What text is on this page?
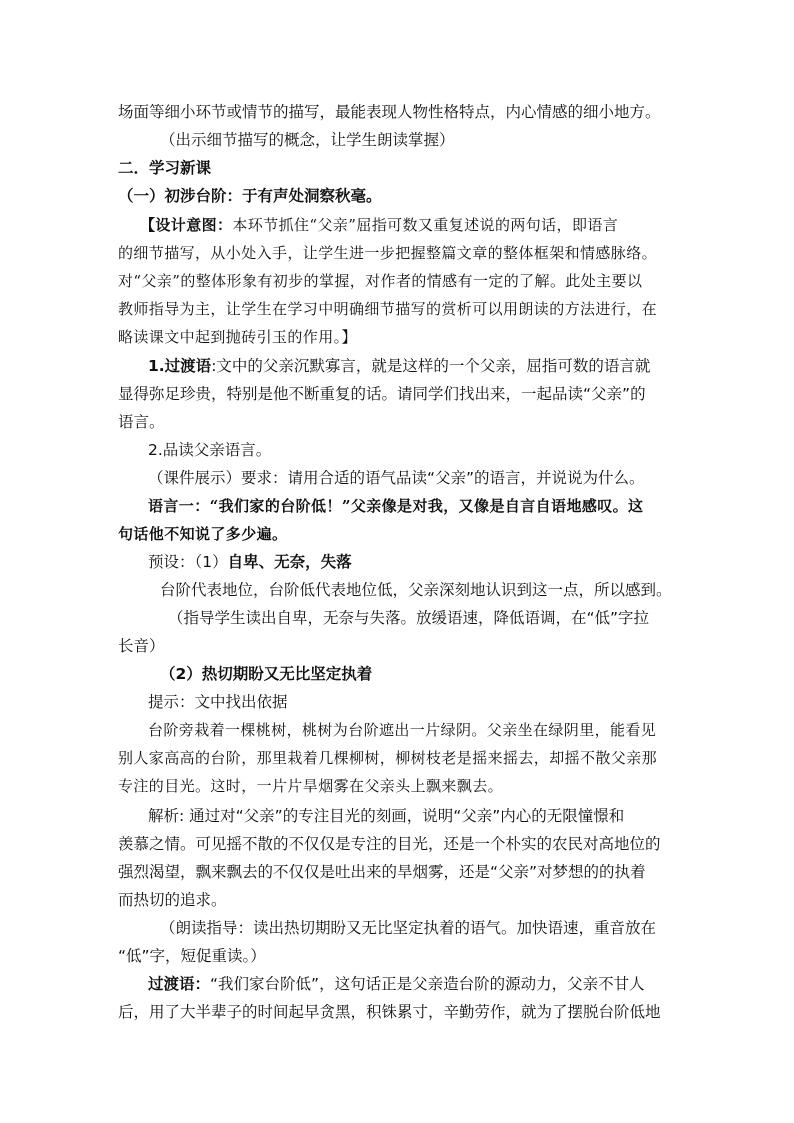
场面等细小环节或情节的描写，最能表现人物性格特点，内心情感的细小地方。
（出示细节描写的概念，让学生朗读掌握）
二．学习新课
（一）初涉台阶：于有声处洞察秋毫。
【设计意图：本环节抓住“父亲”屈指可数又重复述说的两句话，即语言
的细节描写，从小处入手，让学生进一步把握整篇文章的整体框架和情感脉络。
对“父亲”的整体形象有初步的掌握，对作者的情感有一定的了解。此处主要以
教师指导为主，让学生在学习中明确细节描写的赏析可以用朗读的方法进行，在
略读课文中起到抛砖引玉的作用。】
1.过渡语:文中的父亲沉默寡言，就是这样的一个父亲，屈指可数的语言就
显得弥足珍贵，特别是他不断重复的话。请同学们找出来，一起品读“父亲”的
语言。
2.品读父亲语言。
（课件展示）要求：请用合适的语气品读“父亲”的语言，并说说为什么。
语言一：“我们家的台阶低！”父亲像是对我，又像是自言自语地感叹。这
句话他不知说了多少遍。
预设：（1）自卑、无奈，失落
台阶代表地位，台阶低代表地位低，父亲深刻地认识到这一点，所以感到。
（指导学生读出自卑，无奈与失落。放缓语速，降低语调，在“低”字拉
长音）
（2）热切期盼又无比坚定执着
提示：文中找出依据
台阶旁栽着一棵桃树，桃树为台阶遮出一片绿阴。父亲坐在绿阴里，能看见
别人家高高的台阶，那里栽着几棵柳树，柳树枝老是摇来摇去，却摇不散父亲那
专注的目光。这时，一片片旱烟雾在父亲头上飘来飘去。
解析: 通过对“父亲”的专注目光的刻画，说明“父亲”内心的无限憧憬和
羡慕之情。可见摇不散的不仅仅是专注的目光，还是一个朴实的农民对高地位的
强烈渴望，飘来飘去的不仅仅是吐出来的旱烟雾，还是“父亲”对梦想的的执着
而热切的追求。
（朗读指导：读出热切期盼又无比坚定执着的语气。加快语速，重音放在
“低”字，短促重读。）
过渡语：“我们家台阶低”，这句话正是父亲造台阶的源动力，父亲不甘人
后，用了大半辈子的时间起早贪黑，积铢累寸，辛勤劳作，就为了摆脱台阶低地
